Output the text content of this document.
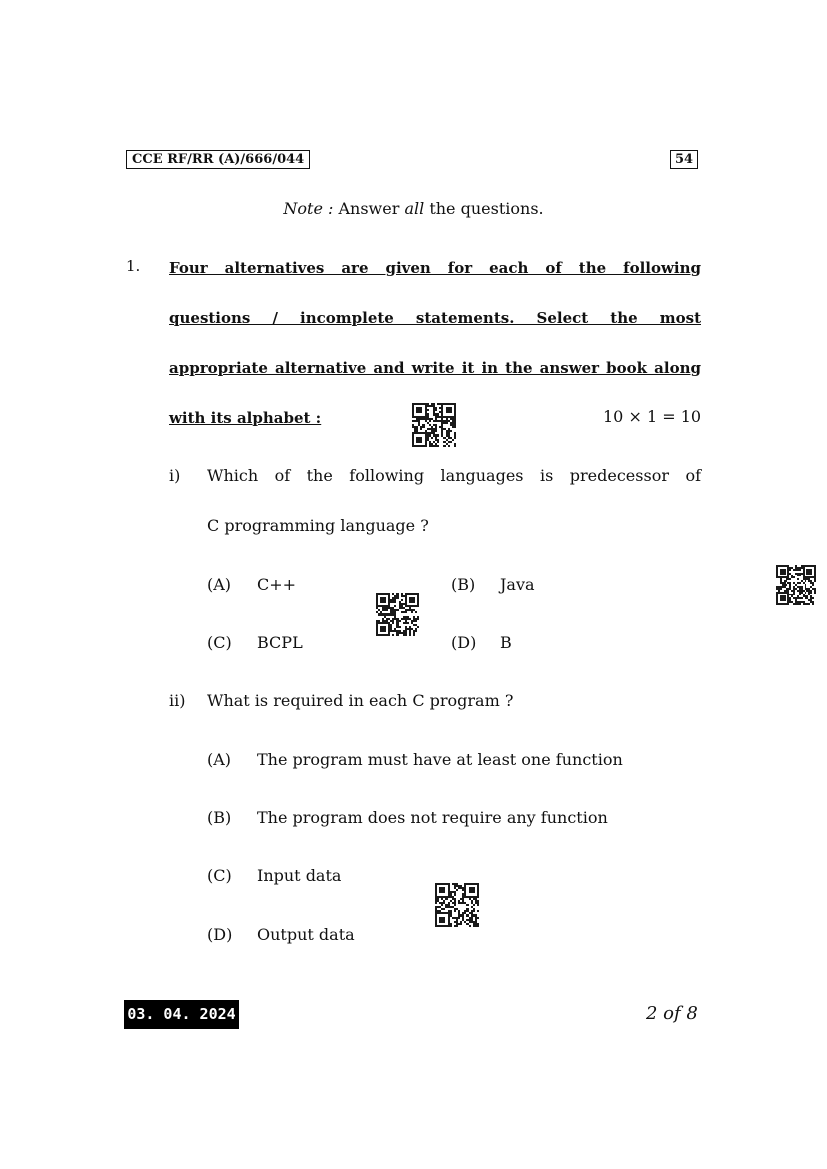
CCE RF/RR (A)/666/044	54
Note : Answer all the questions.
1. Four alternatives are given for each of the following
questions / incomplete statements. Select the most
appropriate alternative and write it in the answer book along
with its alphabet :	10 × 1 = 10
i) Which of the following languages is predecessor of
C programming language ?
(A) C++	(B) Java
(C) BCPL	(D) B
ii) What is required in each C program ?
(A) The program must have at least one function
(B) The program does not require any function
(C) Input data
(D) Output data
03. 04. 2024	2 of 8
